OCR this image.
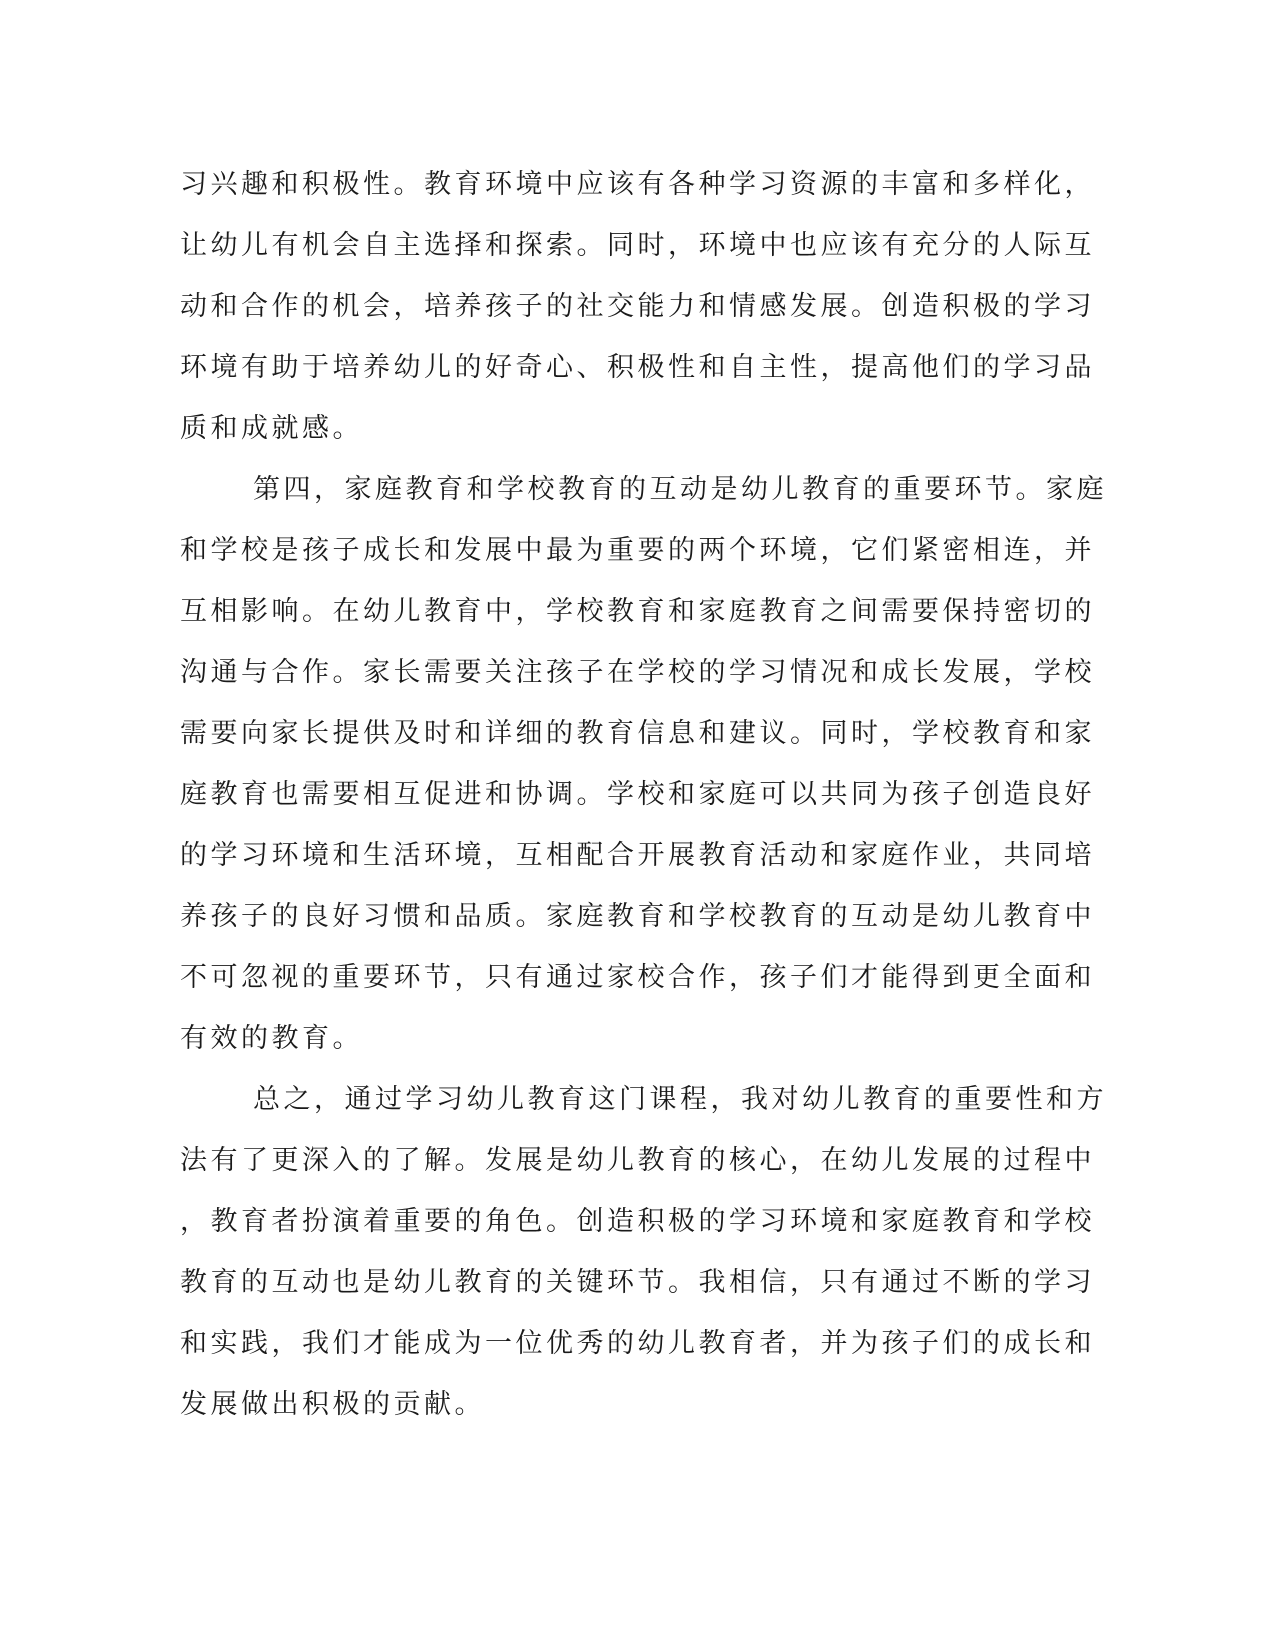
习兴趣和积极性。教育环境中应该有各种学习资源的丰富和多样化，
让幼儿有机会自主选择和探索。同时，环境中也应该有充分的人际互
动和合作的机会，培养孩子的社交能力和情感发展。创造积极的学习
环境有助于培养幼儿的好奇心、积极性和自主性，提高他们的学习品
质和成就感。
第四，家庭教育和学校教育的互动是幼儿教育的重要环节。家庭
和学校是孩子成长和发展中最为重要的两个环境，它们紧密相连，并
互相影响。在幼儿教育中，学校教育和家庭教育之间需要保持密切的
沟通与合作。家长需要关注孩子在学校的学习情况和成长发展，学校
需要向家长提供及时和详细的教育信息和建议。同时，学校教育和家
庭教育也需要相互促进和协调。学校和家庭可以共同为孩子创造良好
的学习环境和生活环境，互相配合开展教育活动和家庭作业，共同培
养孩子的良好习惯和品质。家庭教育和学校教育的互动是幼儿教育中
不可忽视的重要环节，只有通过家校合作，孩子们才能得到更全面和
有效的教育。
总之，通过学习幼儿教育这门课程，我对幼儿教育的重要性和方
法有了更深入的了解。发展是幼儿教育的核心，在幼儿发展的过程中
，教育者扮演着重要的角色。创造积极的学习环境和家庭教育和学校
教育的互动也是幼儿教育的关键环节。我相信，只有通过不断的学习
和实践，我们才能成为一位优秀的幼儿教育者，并为孩子们的成长和
发展做出积极的贡献。
